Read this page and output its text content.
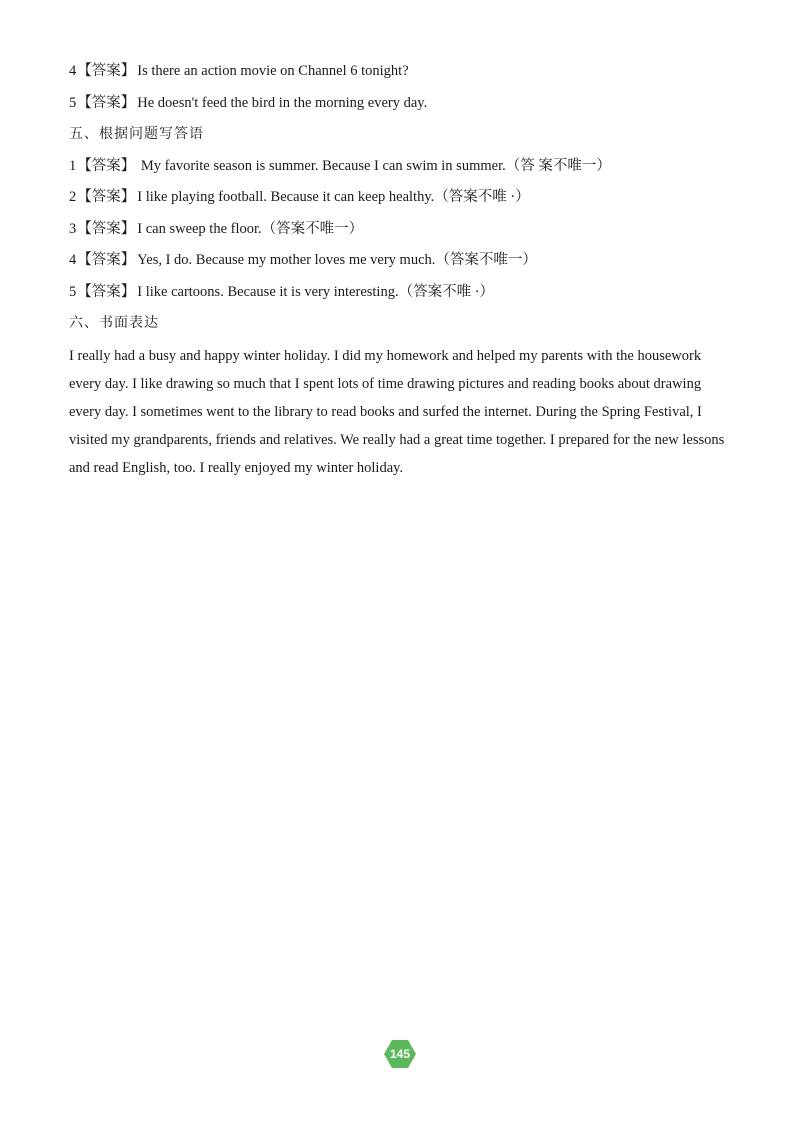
4【答案】 Is there an action movie on Channel 6 tonight?
5【答案】 He doesn't feed the bird in the morning every day.
五、根据问题写答语
1【答案】 My favorite season is summer. Because I can swim in summer.（答 案不唯一）
2【答案】 I like playing football. Because it can keep healthy.（答案不唯 ·）
3【答案】 I can sweep the floor.（答案不唯一）
4【答案】 Yes, I do. Because my mother loves me very much.（答案不唯一）
5【答案】 I like cartoons. Because it is very interesting.（答案不唯 ·）
六、书面表达
I really had a busy and happy winter holiday. I did my homework and helped my parents with the housework every day. I like drawing so much that I spent lots of time drawing pictures and reading books about drawing every day. I sometimes went to the library to read books and surfed the internet. During the Spring Festival, I visited my grandparents, friends and relatives. We really had a great time together. I prepared for the new lessons and read English, too. I really enjoyed my winter holiday.
145
